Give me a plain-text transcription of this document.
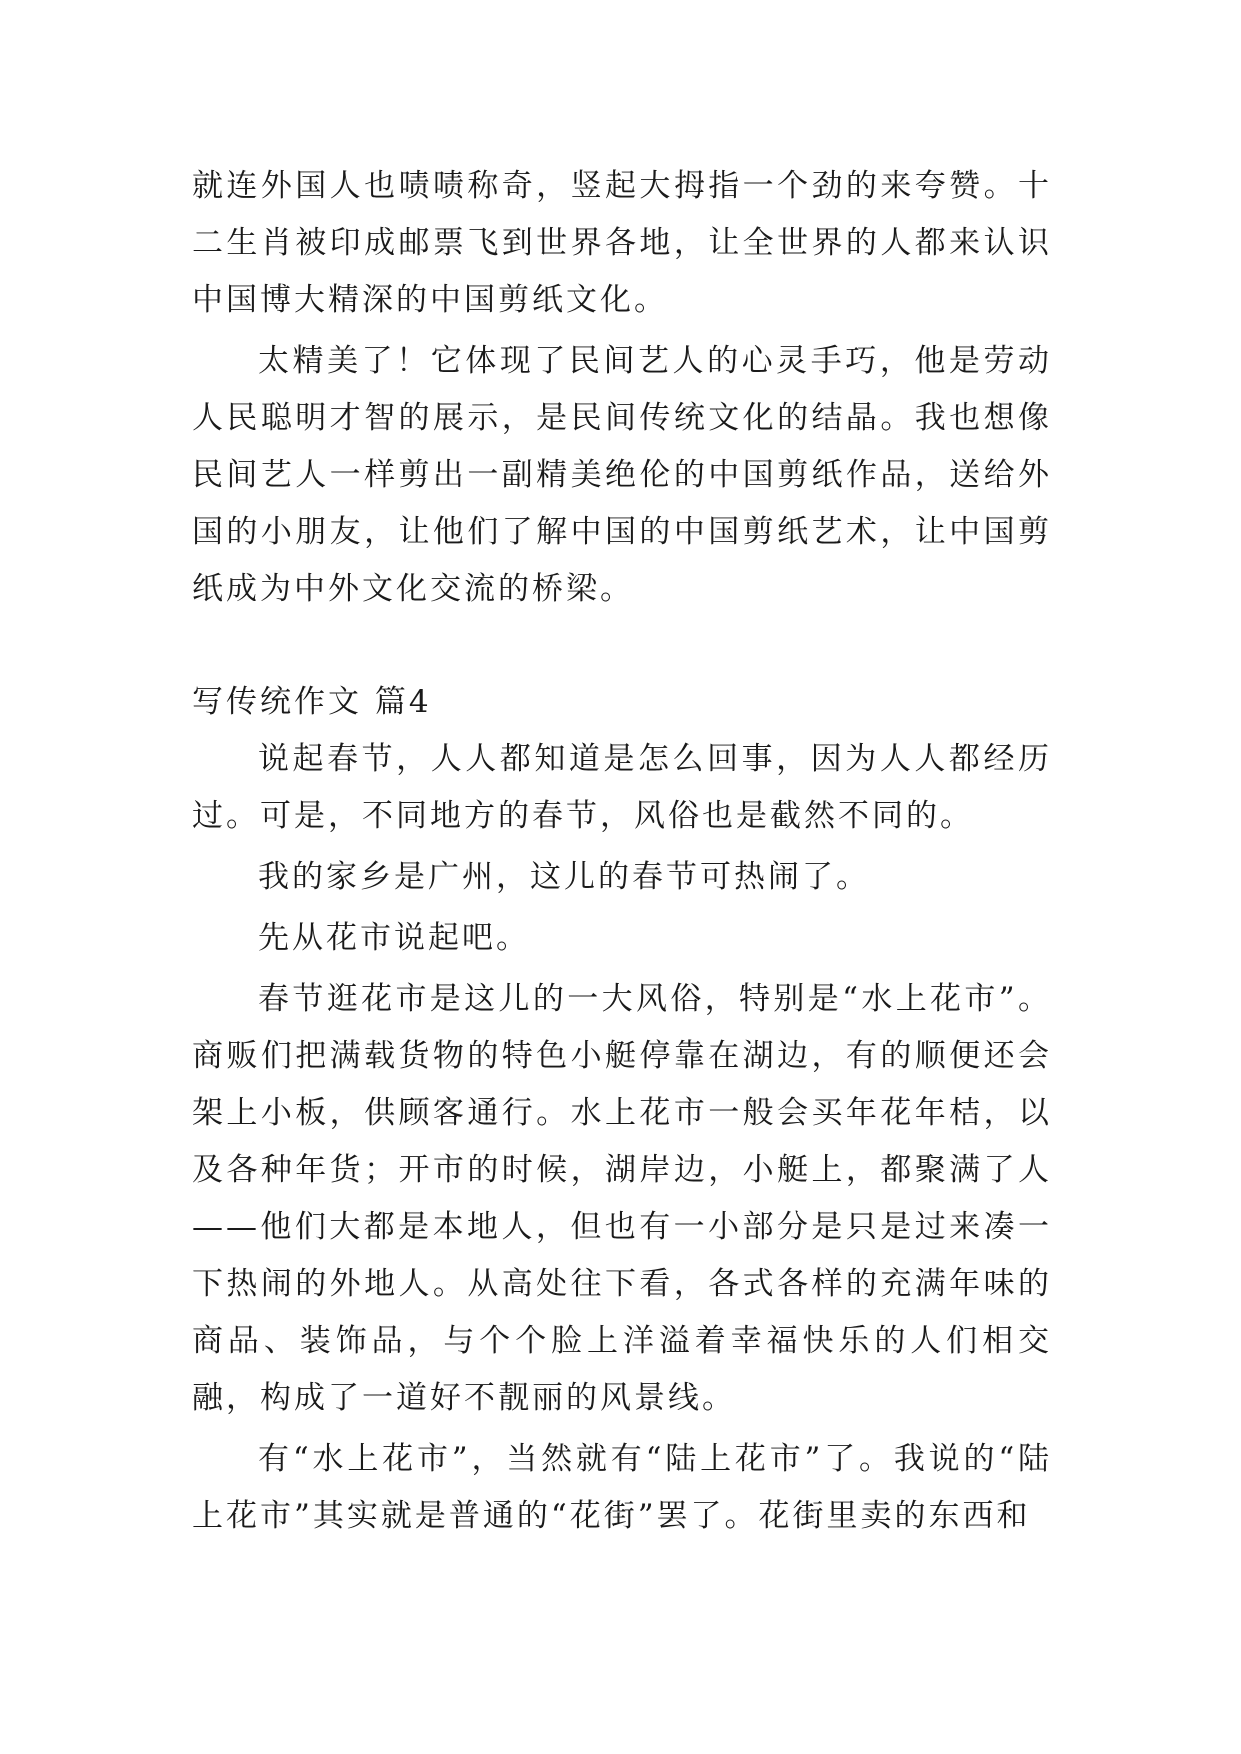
就连外国人也啧啧称奇，竖起大拇指一个劲的来夸赞。十二生肖被印成邮票飞到世界各地，让全世界的人都来认识中国博大精深的中国剪纸文化。

太精美了！它体现了民间艺人的心灵手巧，他是劳动人民聪明才智的展示，是民间传统文化的结晶。我也想像民间艺人一样剪出一副精美绝伦的中国剪纸作品，送给外国的小朋友，让他们了解中国的中国剪纸艺术，让中国剪纸成为中外文化交流的桥梁。

写传统作文 篇4

说起春节，人人都知道是怎么回事，因为人人都经历过。可是，不同地方的春节，风俗也是截然不同的。

我的家乡是广州，这儿的春节可热闹了。

先从花市说起吧。

春节逛花市是这儿的一大风俗，特别是“水上花市”。商贩们把满载货物的特色小艇停靠在湖边，有的顺便还会架上小板，供顾客通行。水上花市一般会买年花年桔，以及各种年货；开市的时候，湖岸边，小艇上，都聚满了人——他们大都是本地人，但也有一小部分是只是过来凑一下热闹的外地人。从高处往下看，各式各样的充满年味的商品、装饰品，与个个脸上洋溢着幸福快乐的人们相交融，构成了一道好不靓丽的风景线。

有“水上花市”，当然就有“陆上花市”了。我说的“陆上花市”其实就是普通的“花街”罢了。花街里卖的东西和
